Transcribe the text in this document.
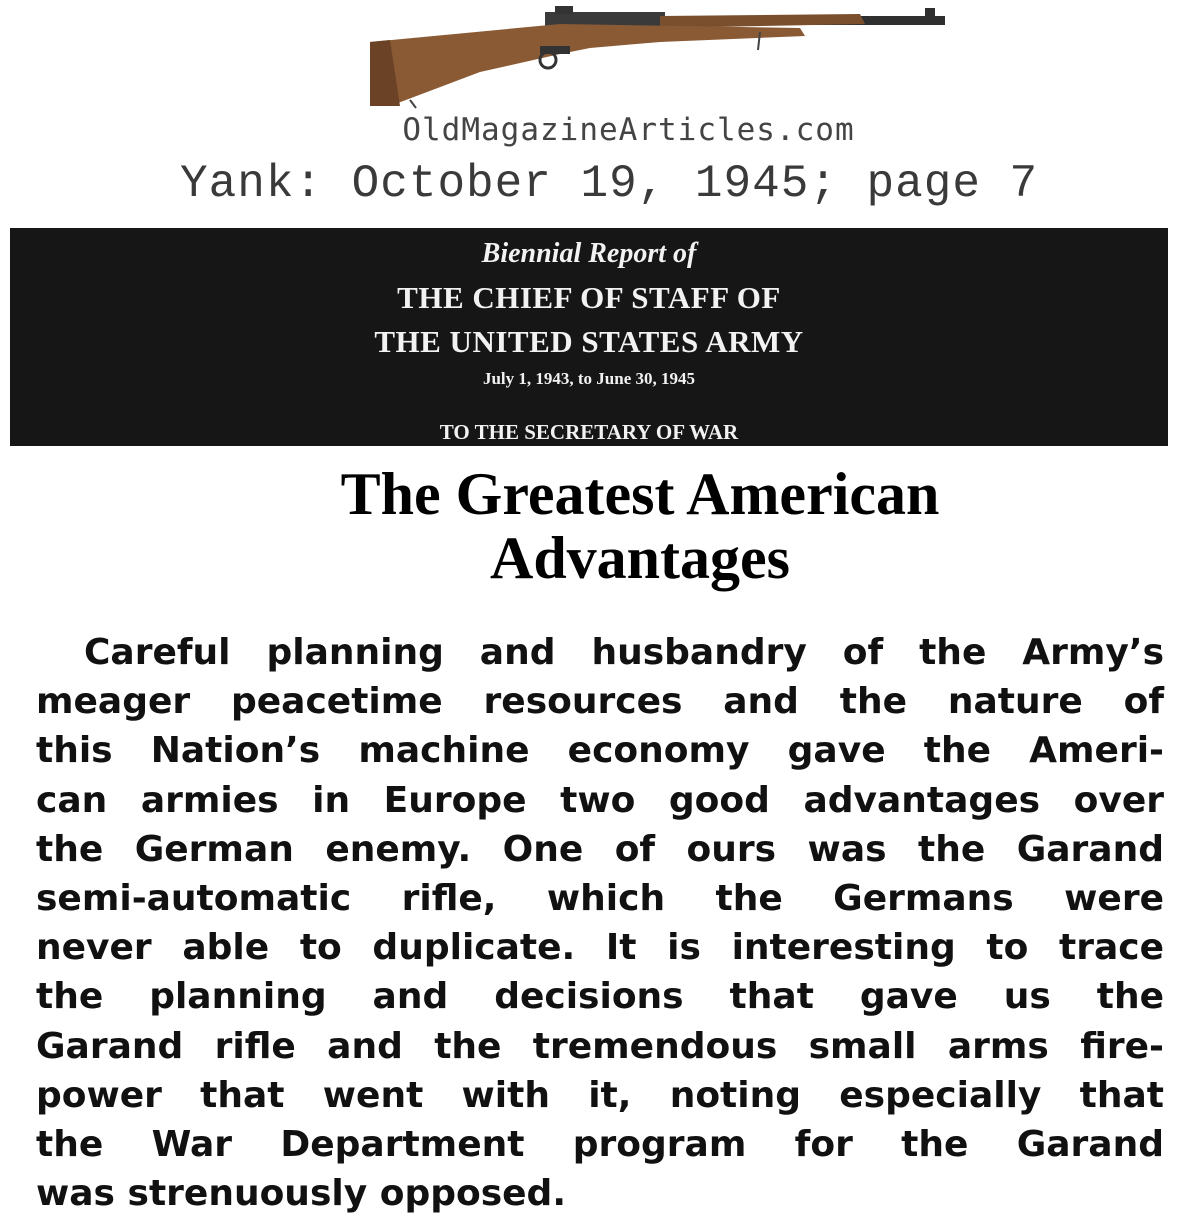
OldMagazineArticles.com
Yank: October 19, 1945; page 7
Biennial Report of
THE CHIEF OF STAFF OF
THE UNITED STATES ARMY
July 1, 1943, to June 30, 1945
TO THE SECRETARY OF WAR
The Greatest American
Advantages
Careful planning and husbandry of the Army’s
meager peacetime resources and the nature of
this Nation’s machine economy gave the Ameri-
can armies in Europe two good advantages over
the German enemy. One of ours was the Garand
semi-automatic rifle, which the Germans were
never able to duplicate. It is interesting to trace
the planning and decisions that gave us the
Garand rifle and the tremendous small arms fire-
power that went with it, noting especially that
the War Department program for the Garand
was strenuously opposed.
